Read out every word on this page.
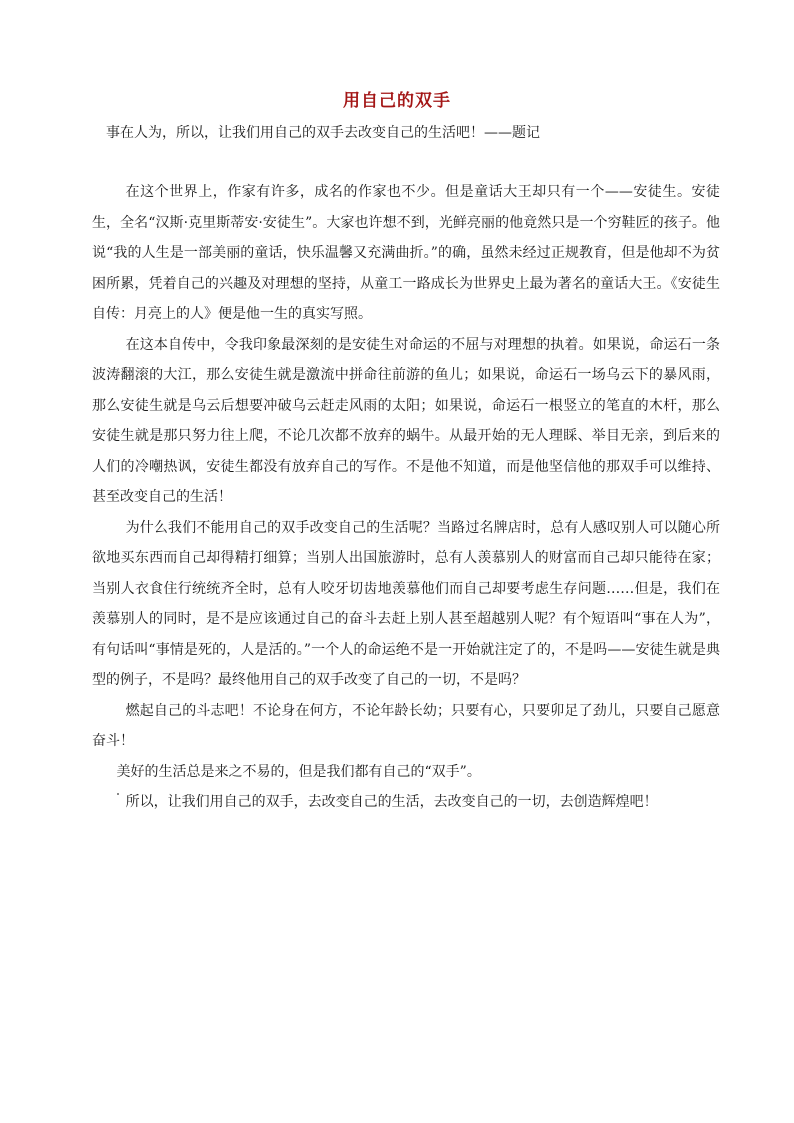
用自己的双手
事在人为，所以，让我们用自己的双手去改变自己的生活吧！——题记

在这个世界上，作家有许多，成名的作家也不少。但是童话大王却只有一个——安徒生。安徒生，全名“汉斯·克里斯蒂安·安徒生”。大家也许想不到，光鲜亮丽的他竟然只是一个穷鞋匠的孩子。他说“我的人生是一部美丽的童话，快乐温馨又充满曲折。”的确，虽然未经过正规教育，但是他却不为贫困所累，凭着自己的兴趣及对理想的坚持，从童工一路成长为世界史上最为著名的童话大王。《安徒生自传：月亮上的人》便是他一生的真实写照。

在这本自传中，令我印象最深刻的是安徒生对命运的不屈与对理想的执着。如果说，命运石一条波涛翻滚的大江，那么安徒生就是激流中拼命往前游的鱼儿；如果说，命运石一场乌云下的暴风雨，那么安徒生就是乌云后想要冲破乌云赶走风雨的太阳；如果说，命运石一根竖立的笔直的木杆，那么安徒生就是那只努力往上爬，不论几次都不放弃的蜗牛。从最开始的无人理睬、举目无亲，到后来的人们的冷嘲热讽，安徒生都没有放弃自己的写作。不是他不知道，而是他坚信他的那双手可以维持、甚至改变自己的生活！

为什么我们不能用自己的双手改变自己的生活呢？当路过名牌店时，总有人感叹别人可以随心所欲地买东西而自己却得精打细算；当别人出国旅游时，总有人羡慕别人的财富而自己却只能待在家；当别人衣食住行统统齐全时，总有人咬牙切齿地羡慕他们而自己却要考虑生存问题……但是，我们在羡慕别人的同时，是不是应该通过自己的奋斗去赶上别人甚至超越别人呢？有个短语叫“事在人为”，有句话叫“事情是死的，人是活的。”一个人的命运绝不是一开始就注定了的，不是吗——安徒生就是典型的例子，不是吗？最终他用自己的双手改变了自己的一切，不是吗？

燃起自己的斗志吧！不论身在何方，不论年龄长幼；只要有心，只要卯足了劲儿，只要自己愿意奋斗！

美好的生活总是来之不易的，但是我们都有自己的“双手”。

所以，让我们用自己的双手，去改变自己的生活，去改变自己的一切，去创造辉煌吧！
